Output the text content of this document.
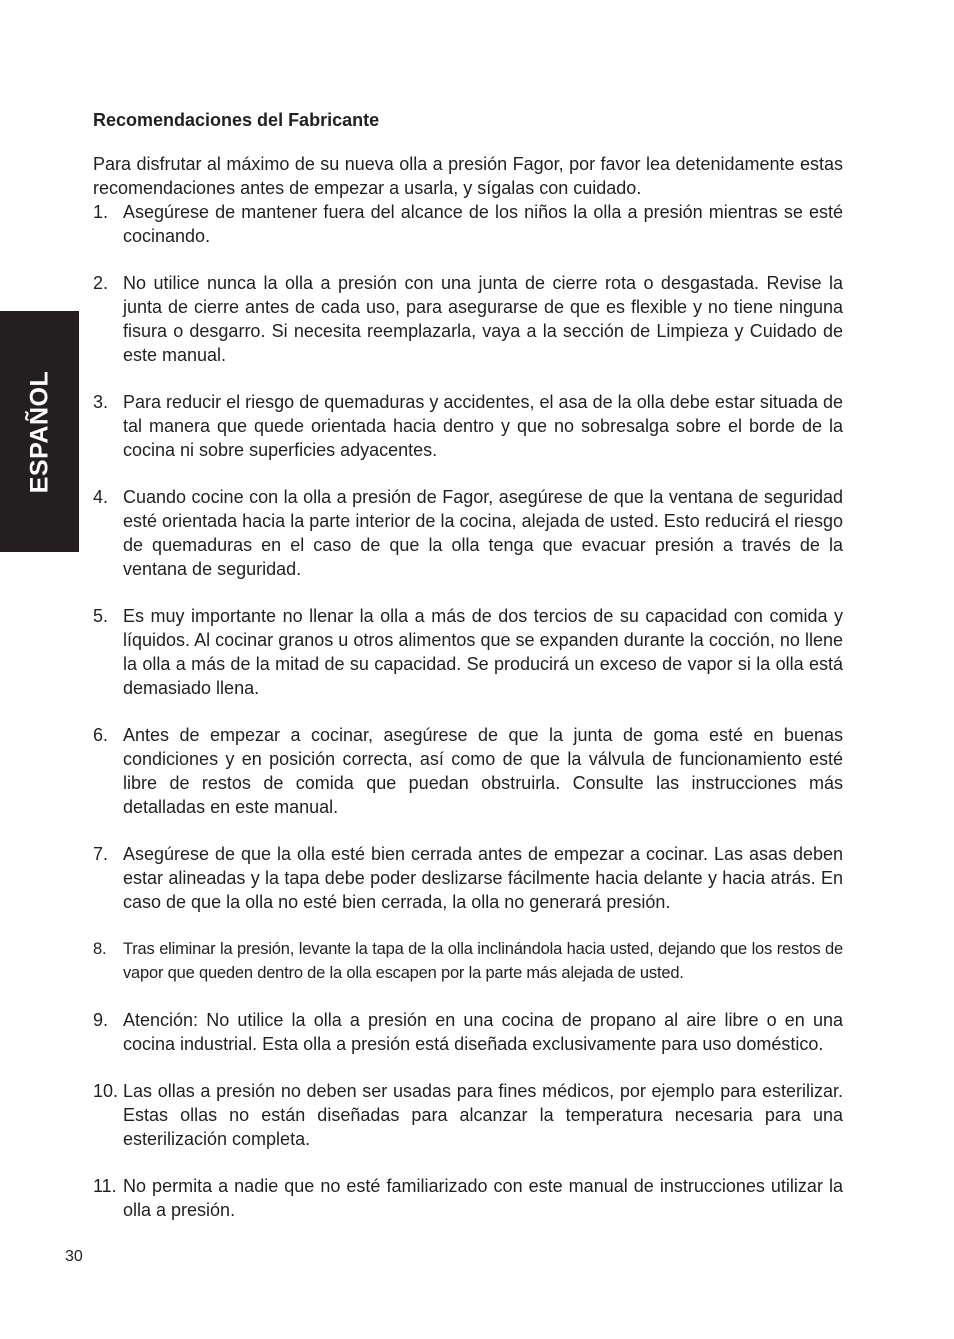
ESPAÑOL

Recomendaciones del Fabricante

Para disfrutar al máximo de su nueva olla a presión Fagor, por favor lea detenidamente estas recomendaciones antes de empezar a usarla, y sígalas con cuidado.

1. Asegúrese de mantener fuera del alcance de los niños la olla a presión mientras se esté cocinando.
2. No utilice nunca la olla a presión con una junta de cierre rota o desgastada. Revise la junta de cierre antes de cada uso, para asegurarse de que es flexible y no tiene ninguna fisura o desgarro. Si necesita reemplazarla, vaya a la sección de Limpieza y Cuidado de este manual.
3. Para reducir el riesgo de quemaduras y accidentes, el asa de la olla debe estar situada de tal manera que quede orientada hacia dentro y que no sobresalga sobre el borde de la cocina ni sobre superficies adyacentes.
4. Cuando cocine con la olla a presión de Fagor, asegúrese de que la ventana de seguridad esté orientada hacia la parte interior de la cocina, alejada de usted. Esto reducirá el riesgo de quemaduras en el caso de que la olla tenga que evacuar presión a través de la ventana de seguridad.
5. Es muy importante no llenar la olla a más de dos tercios de su capacidad con comida y líquidos. Al cocinar granos u otros alimentos que se expanden durante la cocción, no llene la olla a más de la mitad de su capacidad. Se producirá un exceso de vapor si la olla está demasiado llena.
6. Antes de empezar a cocinar, asegúrese de que la junta de goma esté en buenas condiciones y en posición correcta, así como de que la válvula de funcionamiento esté libre de restos de comida que puedan obstruirla. Consulte las instrucciones más detalladas en este manual.
7. Asegúrese de que la olla esté bien cerrada antes de empezar a cocinar. Las asas deben estar alineadas y la tapa debe poder deslizarse fácilmente hacia delante y hacia atrás. En caso de que la olla no esté bien cerrada, la olla no generará presión.
8. Tras eliminar la presión, levante la tapa de la olla inclinándola hacia usted, dejando que los restos de vapor que queden dentro de la olla escapen por la parte más alejada de usted.
9. Atención: No utilice la olla a presión en una cocina de propano al aire libre o en una cocina industrial. Esta olla a presión está diseñada exclusivamente para uso doméstico.
10. Las ollas a presión no deben ser usadas para fines médicos, por ejemplo para esterilizar. Estas ollas no están diseñadas para alcanzar la temperatura necesaria para una esterilización completa.
11. No permita a nadie que no esté familiarizado con este manual de instrucciones utilizar la olla a presión.
30
